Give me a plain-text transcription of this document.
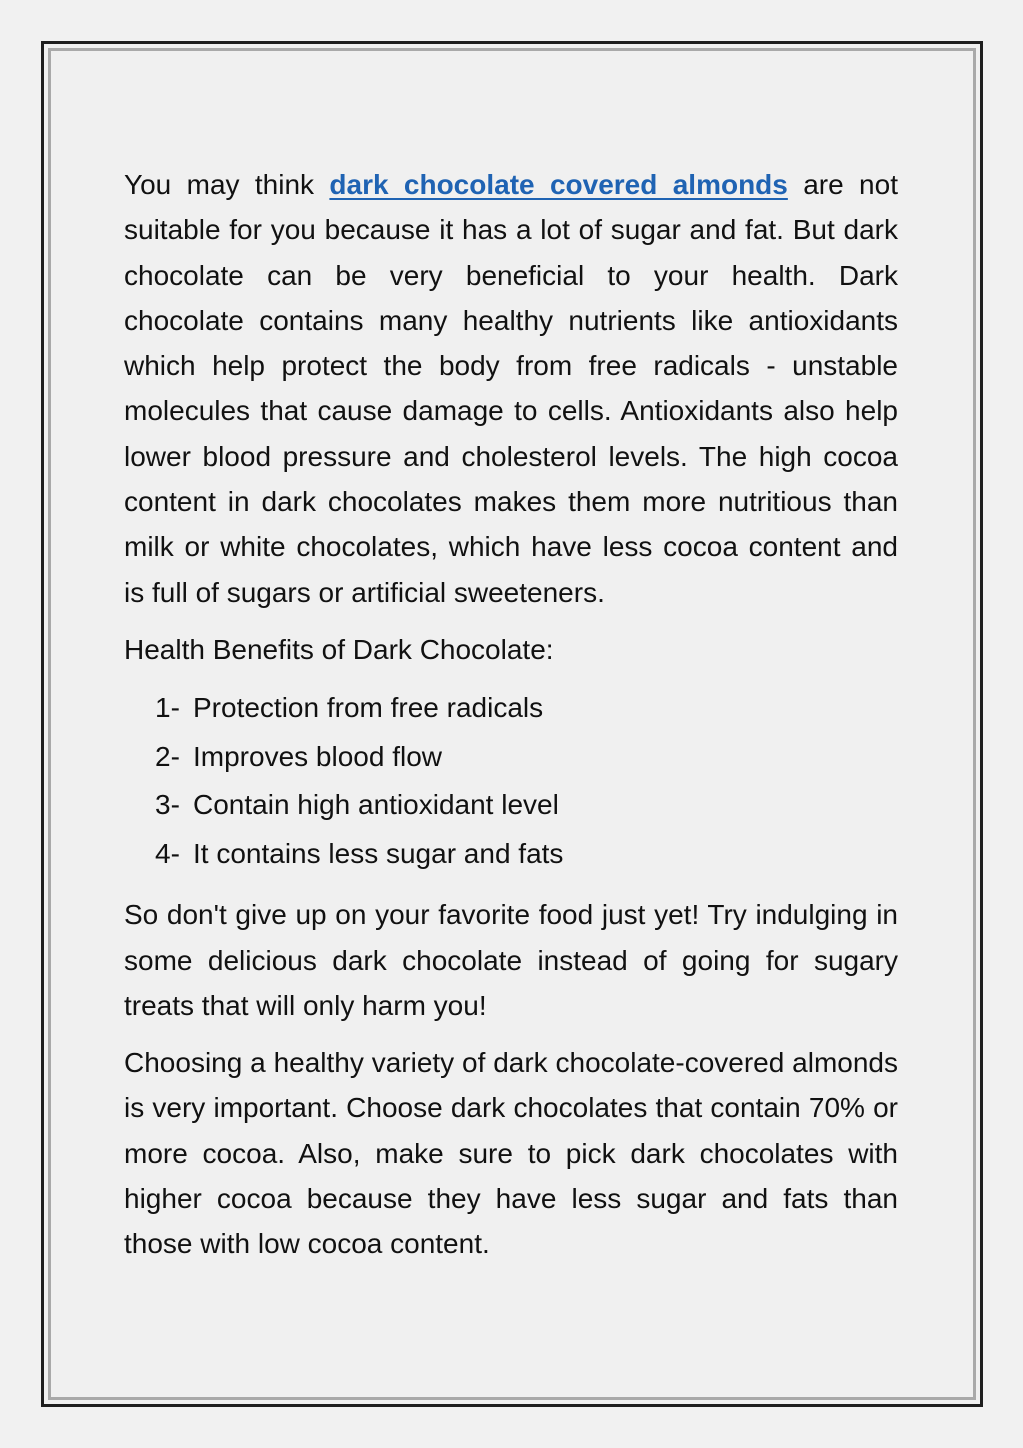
You may think dark chocolate covered almonds are not suitable for you because it has a lot of sugar and fat. But dark chocolate can be very beneficial to your health. Dark chocolate contains many healthy nutrients like antioxidants which help protect the body from free radicals - unstable molecules that cause damage to cells. Antioxidants also help lower blood pressure and cholesterol levels. The high cocoa content in dark chocolates makes them more nutritious than milk or white chocolates, which have less cocoa content and is full of sugars or artificial sweeteners.

Health Benefits of Dark Chocolate:

1- Protection from free radicals
2- Improves blood flow
3- Contain high antioxidant level
4- It contains less sugar and fats

So don't give up on your favorite food just yet! Try indulging in some delicious dark chocolate instead of going for sugary treats that will only harm you!

Choosing a healthy variety of dark chocolate-covered almonds is very important. Choose dark chocolates that contain 70% or more cocoa. Also, make sure to pick dark chocolates with higher cocoa because they have less sugar and fats than those with low cocoa content.
